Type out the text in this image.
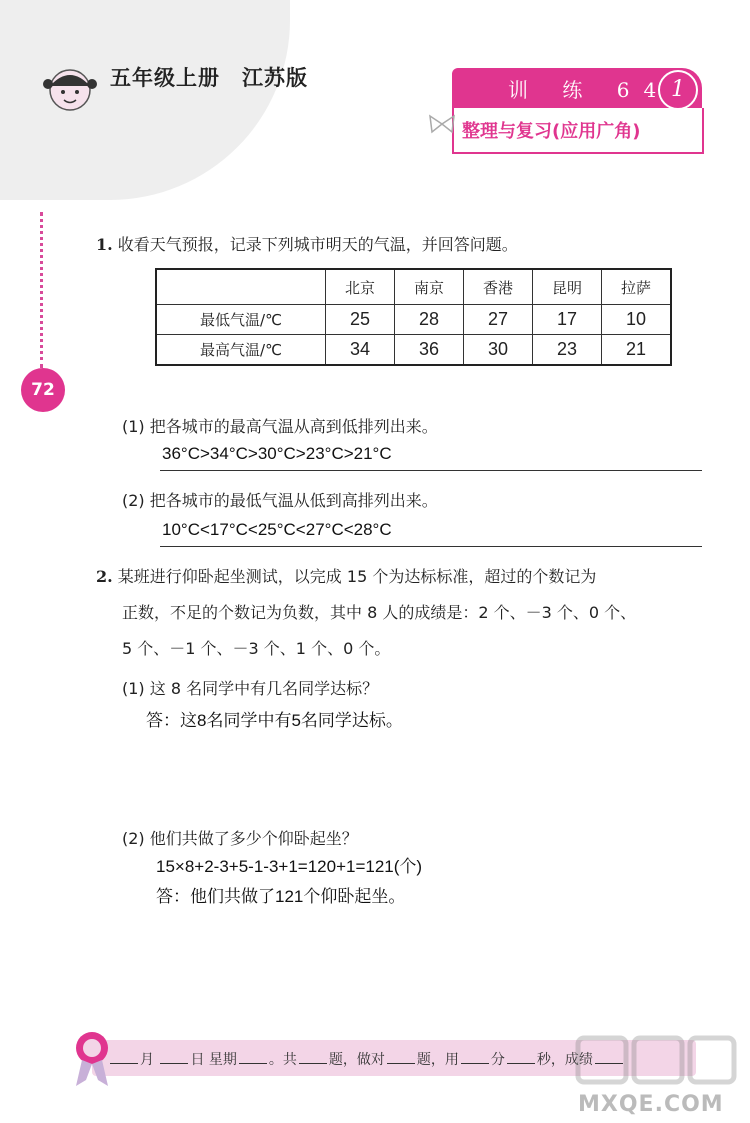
五年级上册　江苏版	训 练 64 1
整理与复习(应用广角)
72
1. 收看天气预报，记录下列城市明天的气温，并回答问题。
	北京	南京	香港	昆明	拉萨
最低气温/℃	25	28	27	17	10
最高气温/℃	34	36	30	23	21
(1) 把各城市的最高气温从高到低排列出来。
36°C>34°C>30°C>23°C>21°C
(2) 把各城市的最低气温从低到高排列出来。
10°C<17°C<25°C<27°C<28°C
2. 某班进行仰卧起坐测试，以完成 15 个为达标标准，超过的个数记为
正数，不足的个数记为负数，其中 8 人的成绩是：2 个、－3 个、0 个、
5 个、－1 个、－3 个、1 个、0 个。
(1) 这 8 名同学中有几名同学达标？
答：这8名同学中有5名同学达标。
(2) 他们共做了多少个仰卧起坐？
15×8+2-3+5-1-3+1=120+1=121(个)
答：他们共做了121个仰卧起坐。
月	日 星期 。共 题，做对 题，用 分 秒，成绩
MXQE.COM
